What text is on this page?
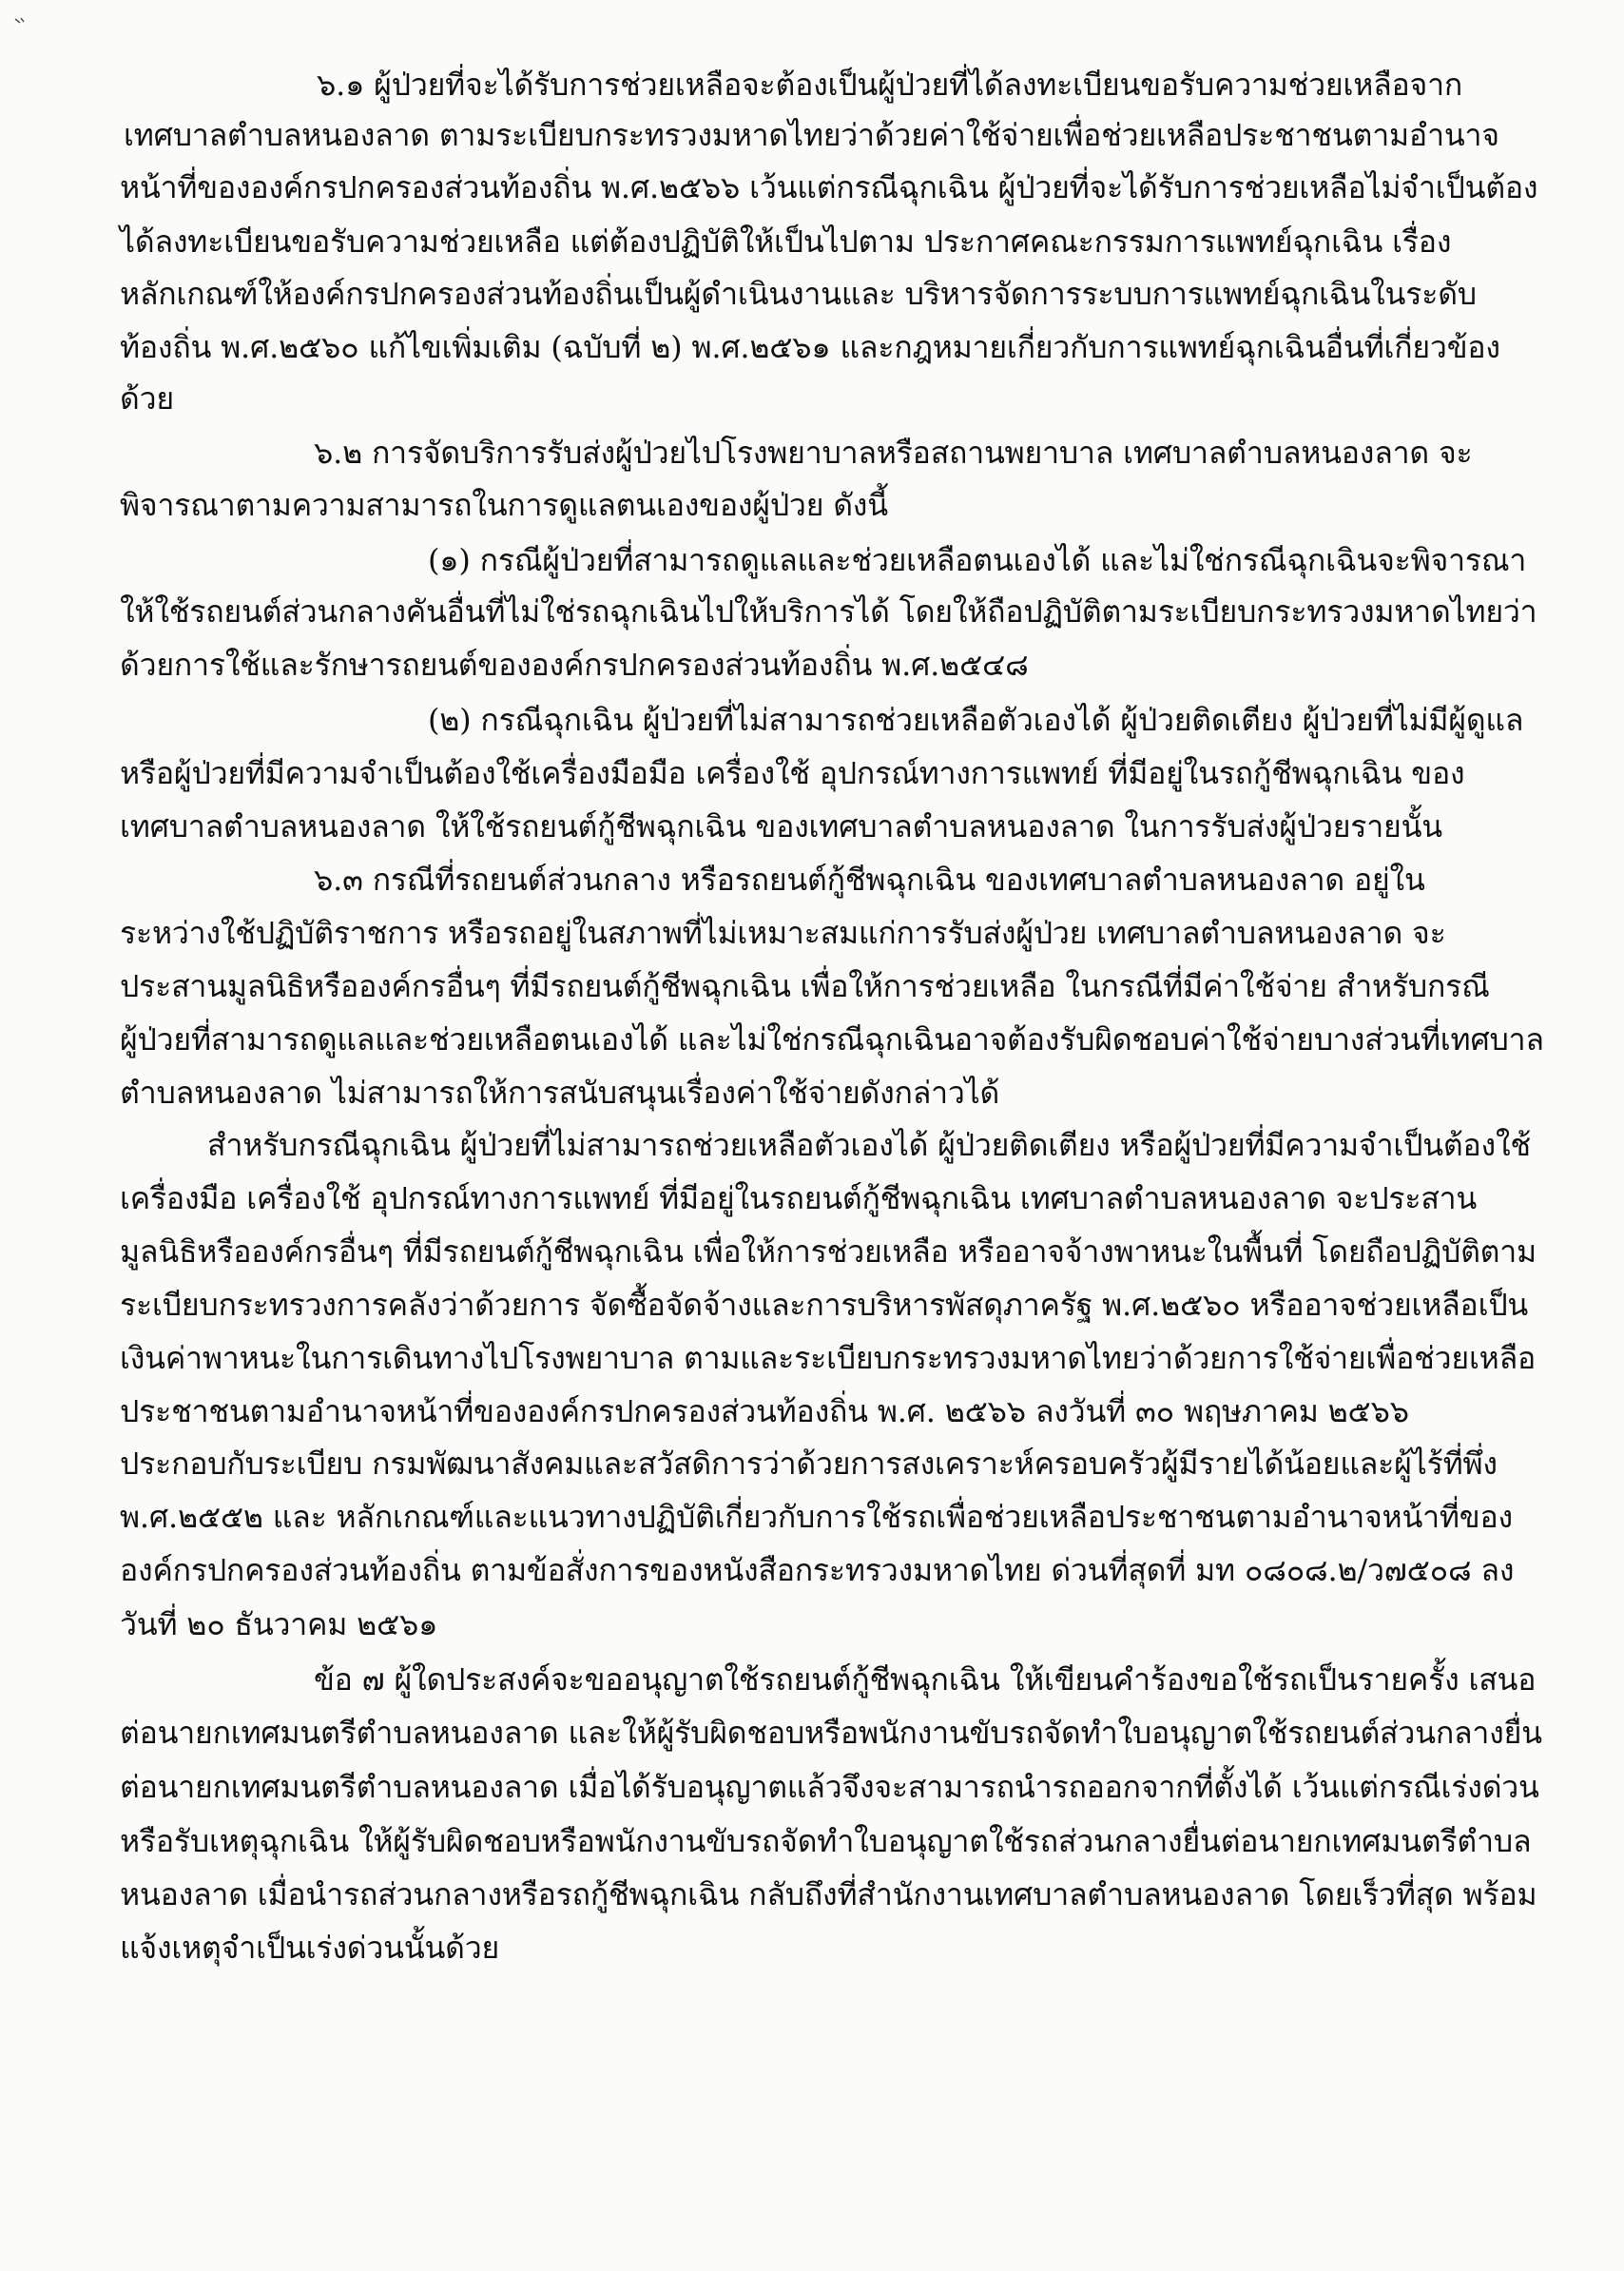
๖.๑ ผู้ป่วยที่จะได้รับการช่วยเหลือจะต้องเป็นผู้ป่วยที่ได้ลงทะเบียนขอรับความช่วยเหลือจาก
เทศบาลตำบลหนองลาด ตามระเบียบกระทรวงมหาดไทยว่าด้วยค่าใช้จ่ายเพื่อช่วยเหลือประชาชนตามอำนาจ
หน้าที่ขององค์กรปกครองส่วนท้องถิ่น พ.ศ.๒๕๖๖ เว้นแต่กรณีฉุกเฉิน ผู้ป่วยที่จะได้รับการช่วยเหลือไม่จำเป็นต้อง
ได้ลงทะเบียนขอรับความช่วยเหลือ แต่ต้องปฏิบัติให้เป็นไปตาม ประกาศคณะกรรมการแพทย์ฉุกเฉิน เรื่อง
หลักเกณฑ์ให้องค์กรปกครองส่วนท้องถิ่นเป็นผู้ดำเนินงานและ บริหารจัดการระบบการแพทย์ฉุกเฉินในระดับ
ท้องถิ่น พ.ศ.๒๕๖๐ แก้ไขเพิ่มเติม (ฉบับที่ ๒) พ.ศ.๒๕๖๑ และกฎหมายเกี่ยวกับการแพทย์ฉุกเฉินอื่นที่เกี่ยวข้อง
ด้วย
๖.๒ การจัดบริการรับส่งผู้ป่วยไปโรงพยาบาลหรือสถานพยาบาล เทศบาลตำบลหนองลาด จะ
พิจารณาตามความสามารถในการดูแลตนเองของผู้ป่วย ดังนี้
(๑) กรณีผู้ป่วยที่สามารถดูแลและช่วยเหลือตนเองได้ และไม่ใช่กรณีฉุกเฉินจะพิจารณา
ให้ใช้รถยนต์ส่วนกลางคันอื่นที่ไม่ใช่รถฉุกเฉินไปให้บริการได้ โดยให้ถือปฏิบัติตามระเบียบกระทรวงมหาดไทยว่า
ด้วยการใช้และรักษารถยนต์ขององค์กรปกครองส่วนท้องถิ่น พ.ศ.๒๕๔๘
(๒) กรณีฉุกเฉิน ผู้ป่วยที่ไม่สามารถช่วยเหลือตัวเองได้ ผู้ป่วยติดเตียง ผู้ป่วยที่ไม่มีผู้ดูแล
หรือผู้ป่วยที่มีความจำเป็นต้องใช้เครื่องมือมือ เครื่องใช้ อุปกรณ์ทางการแพทย์ ที่มีอยู่ในรถกู้ชีพฉุกเฉิน ของ
เทศบาลตำบลหนองลาด ให้ใช้รถยนต์กู้ชีพฉุกเฉิน ของเทศบาลตำบลหนองลาด ในการรับส่งผู้ป่วยรายนั้น
๖.๓ กรณีที่รถยนต์ส่วนกลาง หรือรถยนต์กู้ชีพฉุกเฉิน ของเทศบาลตำบลหนองลาด อยู่ใน
ระหว่างใช้ปฏิบัติราชการ หรือรถอยู่ในสภาพที่ไม่เหมาะสมแก่การรับส่งผู้ป่วย เทศบาลตำบลหนองลาด จะ
ประสานมูลนิธิหรือองค์กรอื่นๆ ที่มีรถยนต์กู้ชีพฉุกเฉิน เพื่อให้การช่วยเหลือ ในกรณีที่มีค่าใช้จ่าย สำหรับกรณี
ผู้ป่วยที่สามารถดูแลและช่วยเหลือตนเองได้ และไม่ใช่กรณีฉุกเฉินอาจต้องรับผิดชอบค่าใช้จ่ายบางส่วนที่เทศบาล
ตำบลหนองลาด ไม่สามารถให้การสนับสนุนเรื่องค่าใช้จ่ายดังกล่าวได้
สำหรับกรณีฉุกเฉิน ผู้ป่วยที่ไม่สามารถช่วยเหลือตัวเองได้ ผู้ป่วยติดเตียง หรือผู้ป่วยที่มีความจำเป็นต้องใช้
เครื่องมือ เครื่องใช้ อุปกรณ์ทางการแพทย์ ที่มีอยู่ในรถยนต์กู้ชีพฉุกเฉิน เทศบาลตำบลหนองลาด จะประสาน
มูลนิธิหรือองค์กรอื่นๆ ที่มีรถยนต์กู้ชีพฉุกเฉิน เพื่อให้การช่วยเหลือ หรืออาจจ้างพาหนะในพื้นที่ โดยถือปฏิบัติตาม
ระเบียบกระทรวงการคลังว่าด้วยการ จัดซื้อจัดจ้างและการบริหารพัสดุภาครัฐ พ.ศ.๒๕๖๐ หรืออาจช่วยเหลือเป็น
เงินค่าพาหนะในการเดินทางไปโรงพยาบาล ตามและระเบียบกระทรวงมหาดไทยว่าด้วยการใช้จ่ายเพื่อช่วยเหลือ
ประชาชนตามอำนาจหน้าที่ขององค์กรปกครองส่วนท้องถิ่น พ.ศ. ๒๕๖๖ ลงวันที่ ๓๐ พฤษภาคม ๒๕๖๖
ประกอบกับระเบียบ กรมพัฒนาสังคมและสวัสดิการว่าด้วยการสงเคราะห์ครอบครัวผู้มีรายได้น้อยและผู้ไร้ที่พึ่ง
พ.ศ.๒๕๕๒ และ หลักเกณฑ์และแนวทางปฏิบัติเกี่ยวกับการใช้รถเพื่อช่วยเหลือประชาชนตามอำนาจหน้าที่ของ
องค์กรปกครองส่วนท้องถิ่น ตามข้อสั่งการของหนังสือกระทรวงมหาดไทย ด่วนที่สุดที่ มท ๐๘๐๘.๒/ว๗๕๐๘ ลง
วันที่ ๒๐ ธันวาคม ๒๕๖๑
ข้อ ๗ ผู้ใดประสงค์จะขออนุญาตใช้รถยนต์กู้ชีพฉุกเฉิน ให้เขียนคำร้องขอใช้รถเป็นรายครั้ง เสนอ
ต่อนายกเทศมนตรีตำบลหนองลาด และให้ผู้รับผิดชอบหรือพนักงานขับรถจัดทำใบอนุญาตใช้รถยนต์ส่วนกลางยื่น
ต่อนายกเทศมนตรีตำบลหนองลาด เมื่อได้รับอนุญาตแล้วจึงจะสามารถนำรถออกจากที่ตั้งได้ เว้นแต่กรณีเร่งด่วน
หรือรับเหตุฉุกเฉิน ให้ผู้รับผิดชอบหรือพนักงานขับรถจัดทำใบอนุญาตใช้รถส่วนกลางยื่นต่อนายกเทศมนตรีตำบล
หนองลาด เมื่อนำรถส่วนกลางหรือรถกู้ชีพฉุกเฉิน กลับถึงที่สำนักงานเทศบาลตำบลหนองลาด โดยเร็วที่สุด พร้อม
แจ้งเหตุจำเป็นเร่งด่วนนั้นด้วย
